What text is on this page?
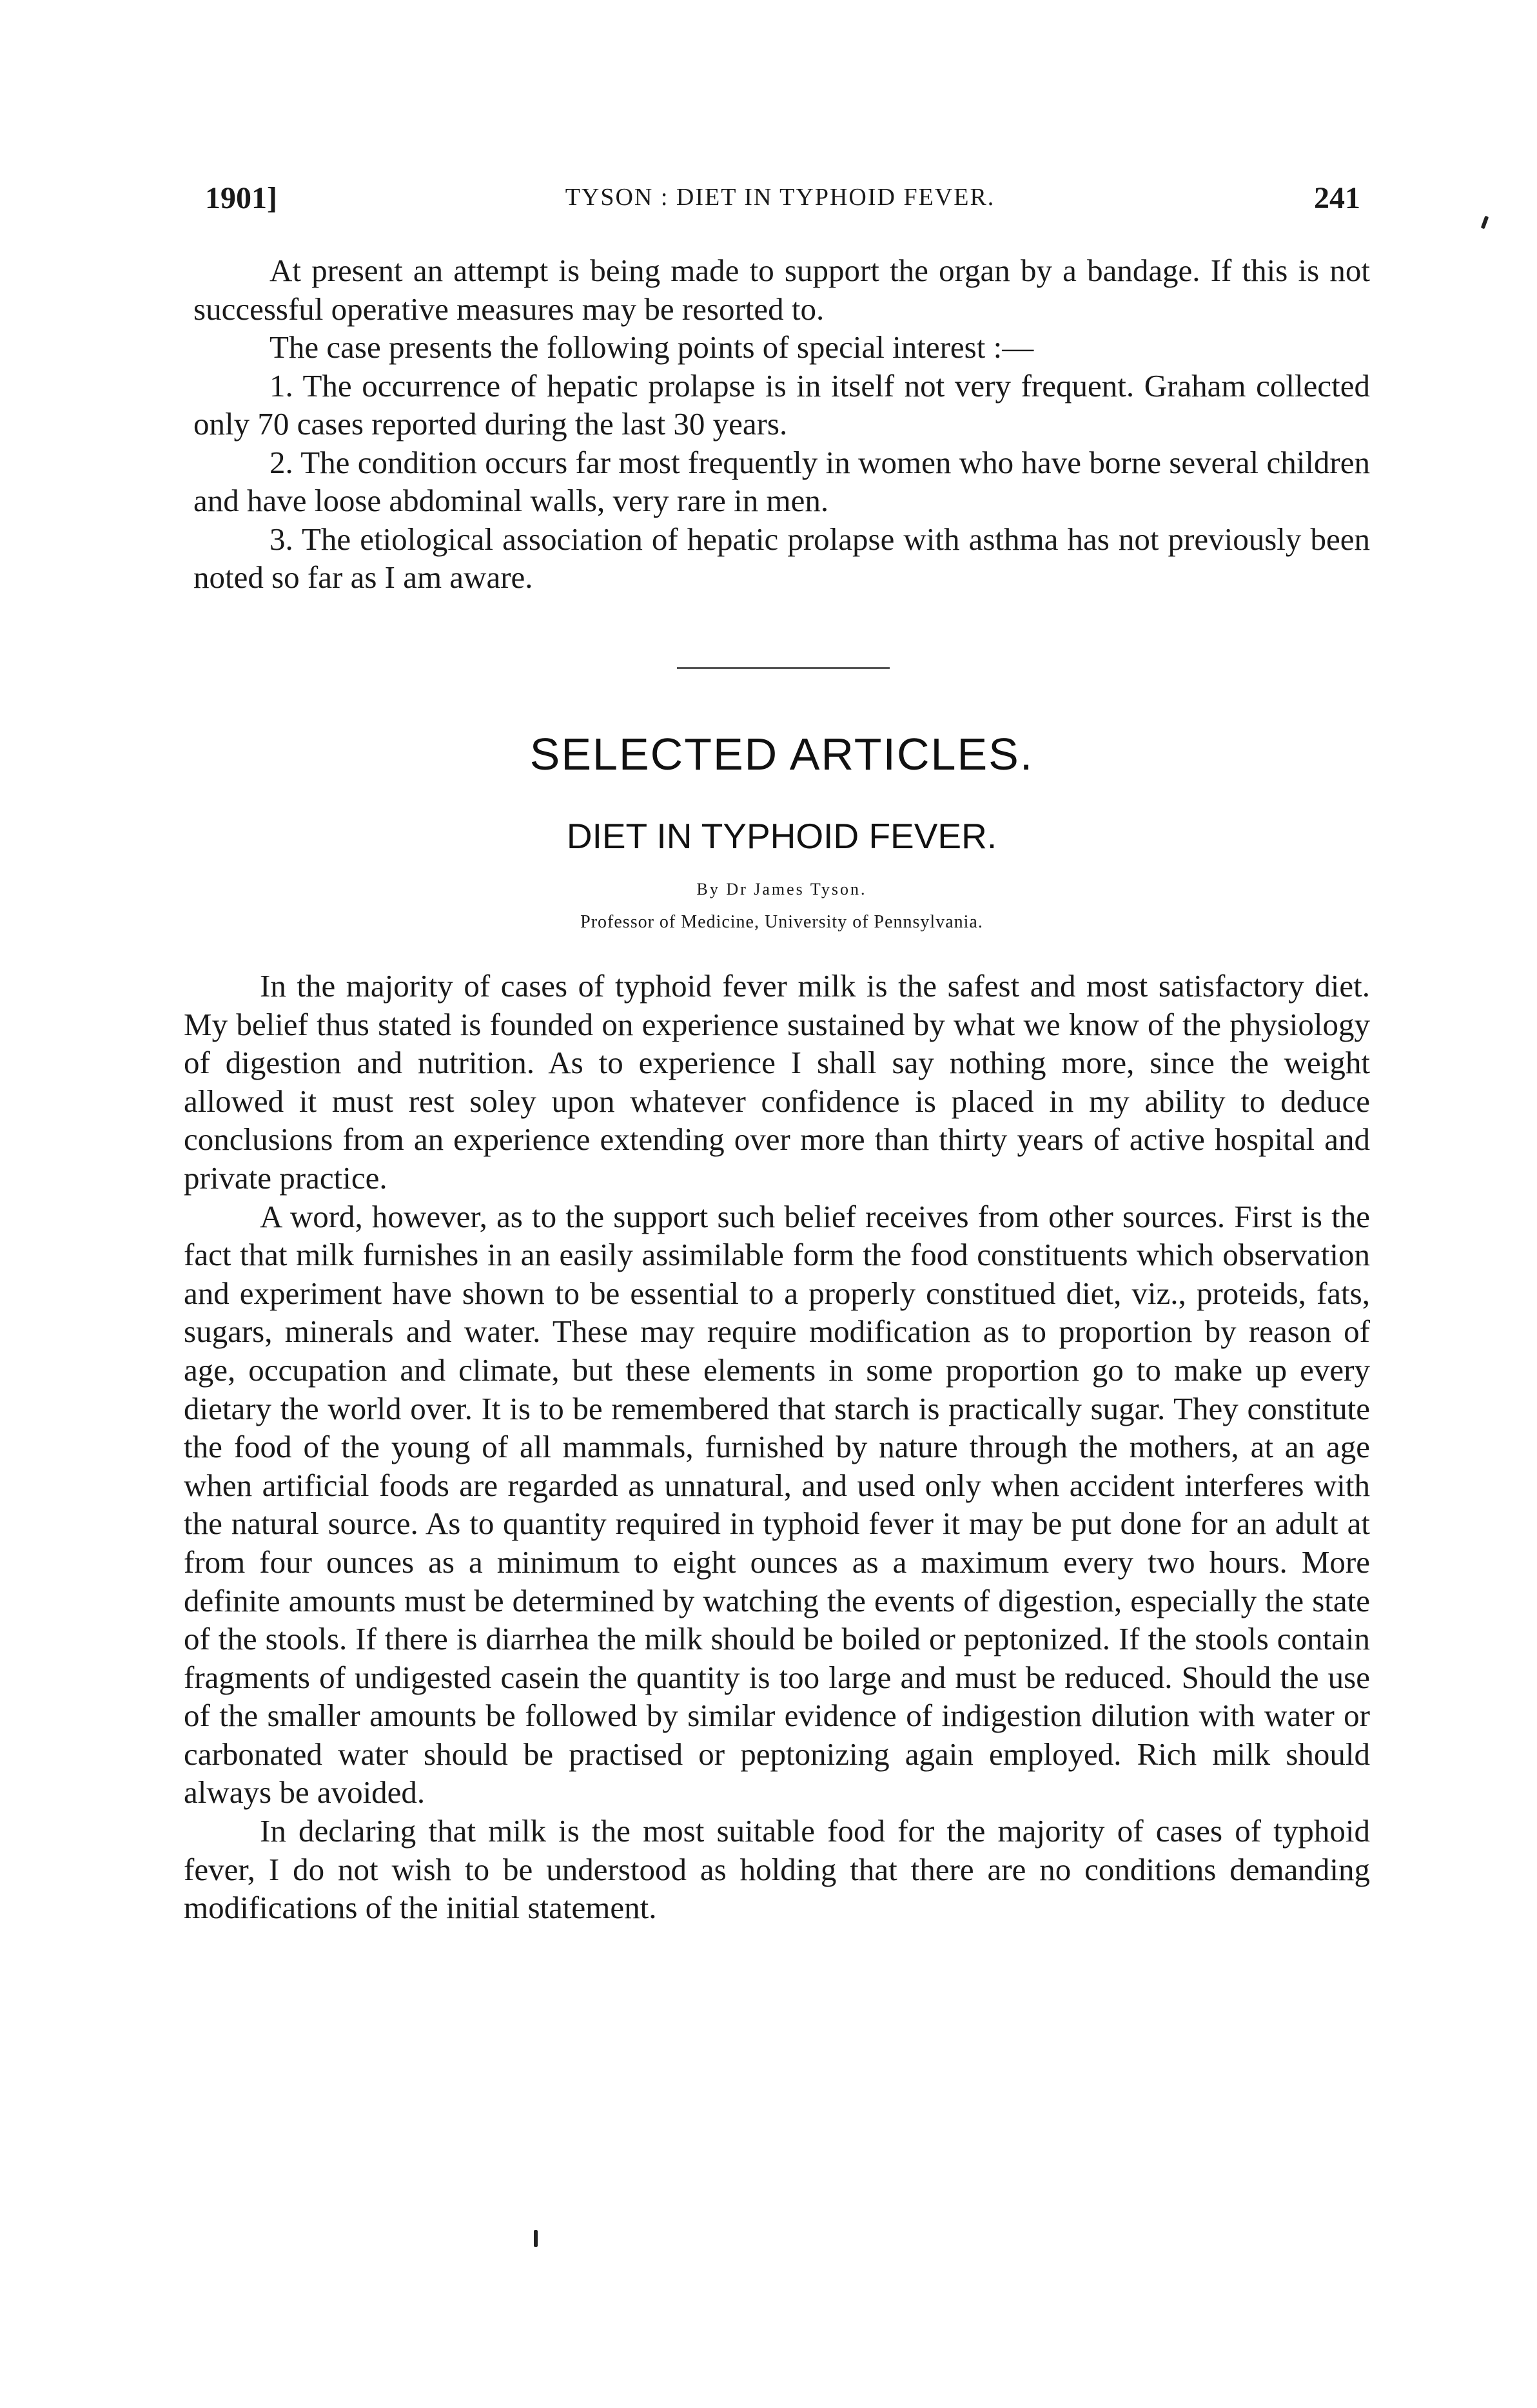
1901]	TYSON : DIET IN TYPHOID FEVER.	241

At present an attempt is being made to support the organ by a bandage. If this is not successful operative measures may be resorted to.

The case presents the following points of special interest :—

1. The occurrence of hepatic prolapse is in itself not very frequent. Graham collected only 70 cases reported during the last 30 years.

2. The condition occurs far most frequently in women who have borne several children and have loose abdominal walls, very rare in men.

3. The etiological association of hepatic prolapse with asthma has not previously been noted so far as I am aware.

SELECTED ARTICLES.
DIET IN TYPHOID FEVER.
By Dr James Tyson.
Professor of Medicine, University of Pennsylvania.

In the majority of cases of typhoid fever milk is the safest and most satisfactory diet. My belief thus stated is founded on experience sustained by what we know of the physiology of digestion and nutrition. As to experience I shall say nothing more, since the weight allowed it must rest soley upon whatever confidence is placed in my ability to deduce conclusions from an experience extending over more than thirty years of active hospital and private practice.

A word, however, as to the support such belief receives from other sources. First is the fact that milk furnishes in an easily assimilable form the food constituents which observation and experiment have shown to be essential to a properly constitued diet, viz., proteids, fats, sugars, minerals and water. These may require modification as to proportion by reason of age, occupation and climate, but these elements in some proportion go to make up every dietary the world over. It is to be remembered that starch is practically sugar. They constitute the food of the young of all mammals, furnished by nature through the mothers, at an age when artificial foods are regarded as unnatural, and used only when accident interferes with the natural source. As to quantity required in typhoid fever it may be put done for an adult at from four ounces as a minimum to eight ounces as a maximum every two hours. More definite amounts must be determined by watching the events of digestion, especially the state of the stools. If there is diarrhea the milk should be boiled or peptonized. If the stools contain fragments of undigested casein the quantity is too large and must be reduced. Should the use of the smaller amounts be followed by similar evidence of indigestion dilution with water or carbonated water should be practised or peptonizing again employed. Rich milk should always be avoided.

In declaring that milk is the most suitable food for the majority of cases of typhoid fever, I do not wish to be understood as holding that there are no conditions demanding modifications of the initial statement.
